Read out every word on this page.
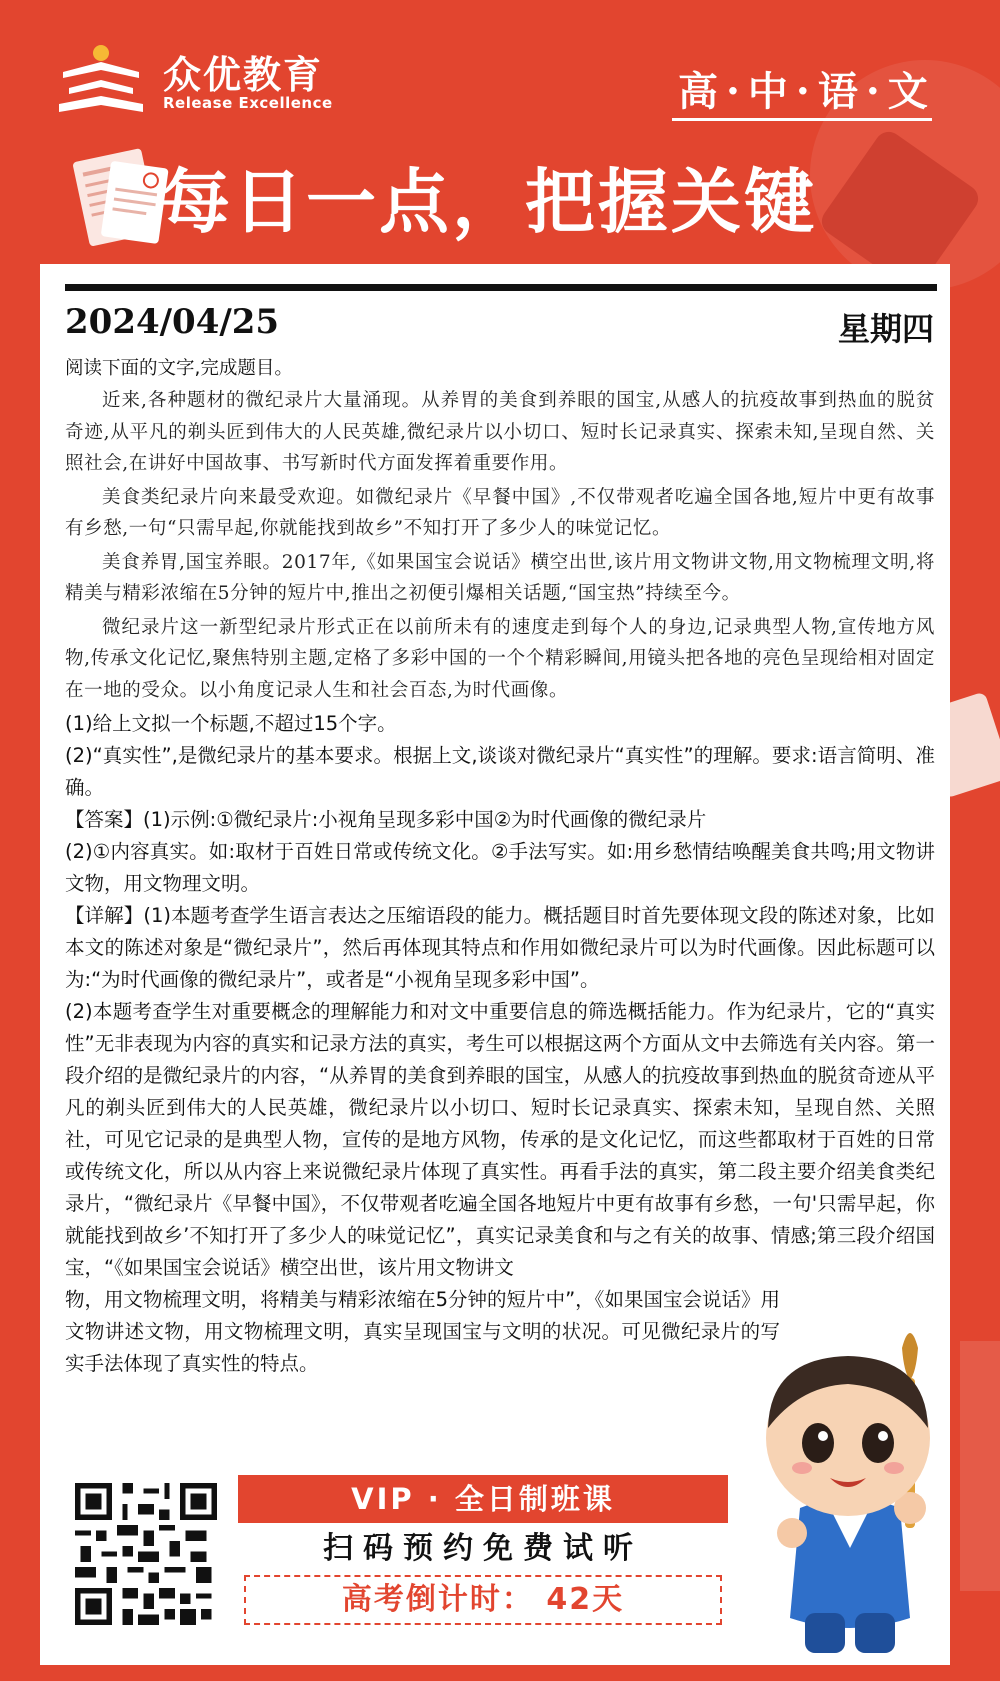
众优教育
Release Excellence	高·中·语·文
每日一点，把握关键
2024/04/25	星期四

阅读下面的文字,完成题目。

近来,各种题材的微纪录片大量涌现。从养胃的美食到养眼的国宝,从感人的抗疫故事到热血的脱贫奇迹,从平凡的剃头匠到伟大的人民英雄,微纪录片以小切口、短时长记录真实、探索未知,呈现自然、关照社会,在讲好中国故事、书写新时代方面发挥着重要作用。

美食类纪录片向来最受欢迎。如微纪录片《早餐中国》,不仅带观者吃遍全国各地,短片中更有故事有乡愁,一句“只需早起,你就能找到故乡”不知打开了多少人的味觉记忆。

美食养胃,国宝养眼。2017年,《如果国宝会说话》横空出世,该片用文物讲文物,用文物梳理文明,将精美与精彩浓缩在5分钟的短片中,推出之初便引爆相关话题,“国宝热”持续至今。

微纪录片这一新型纪录片形式正在以前所未有的速度走到每个人的身边,记录典型人物,宣传地方风物,传承文化记忆,聚焦特别主题,定格了多彩中国的一个个精彩瞬间,用镜头把各地的亮色呈现给相对固定在一地的受众。以小角度记录人生和社会百态,为时代画像。

(1)给上文拟一个标题,不超过15个字。

(2)“真实性”,是微纪录片的基本要求。根据上文,谈谈对微纪录片“真实性”的理解。要求:语言简明、准确。

【答案】(1)示例:①微纪录片:小视角呈现多彩中国②为时代画像的微纪录片

(2)①内容真实。如:取材于百姓日常或传统文化。②手法写实。如:用乡愁情结唤醒美食共鸣;用文物讲文物，用文物理文明。

【详解】(1)本题考查学生语言表达之压缩语段的能力。概括题目时首先要体现文段的陈述对象，比如本文的陈述对象是“微纪录片”，然后再体现其特点和作用如微纪录片可以为时代画像。因此标题可以为:“为时代画像的微纪录片”，或者是“小视角呈现多彩中国”。

(2)本题考查学生对重要概念的理解能力和对文中重要信息的筛选概括能力。作为纪录片，它的“真实性”无非表现为内容的真实和记录方法的真实，考生可以根据这两个方面从文中去筛选有关内容。第一段介绍的是微纪录片的内容，“从养胃的美食到养眼的国宝，从感人的抗疫故事到热血的脱贫奇迹从平凡的剃头匠到伟大的人民英雄，微纪录片以小切口、短时长记录真实、探索未知，呈现自然、关照社，可见它记录的是典型人物，宣传的是地方风物，传承的是文化记忆，而这些都取材于百姓的日常或传统文化，所以从内容上来说微纪录片体现了真实性。再看手法的真实，第二段主要介绍美食类纪录片，“微纪录片《早餐中国》，不仅带观者吃遍全国各地短片中更有故事有乡愁，一句'只需早起，你就能找到故乡’不知打开了多少人的味觉记忆”，真实记录美食和与之有关的故事、情感;第三段介绍国宝，“《如果国宝会说话》横空出世，该片用文物讲文

物，用文物梳理文明，将精美与精彩浓缩在5分钟的短片中”，《如果国宝会说话》用文物讲述文物，用文物梳理文明，真实呈现国宝与文明的状况。可见微纪录片的写实手法体现了真实性的特点。

VIP · 全日制班课
扫码预约免费试听
高考倒计时： 42天
